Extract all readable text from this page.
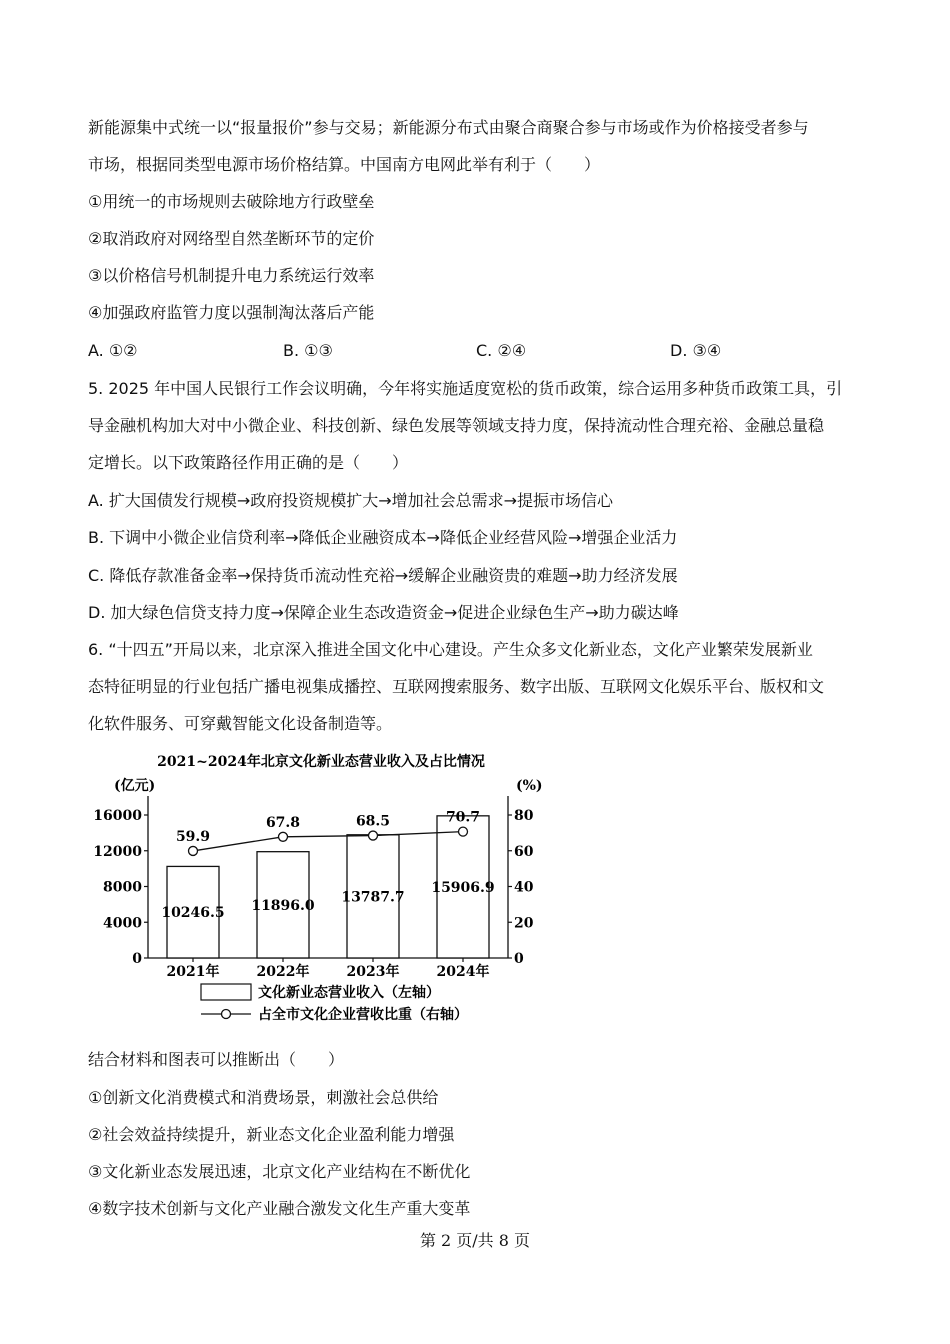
新能源集中式统一以“报量报价”参与交易；新能源分布式由聚合商聚合参与市场或作为价格接受者参与
市场，根据同类型电源市场价格结算。中国南方电网此举有利于（　　）
①用统一的市场规则去破除地方行政壁垒
②取消政府对网络型自然垄断环节的定价
③以价格信号机制提升电力系统运行效率
④加强政府监管力度以强制淘汰落后产能
A. ①②	B. ①③	C. ②④	D. ③④
5. 2025 年中国人民银行工作会议明确，今年将实施适度宽松的货币政策，综合运用多种货币政策工具，引
导金融机构加大对中小微企业、科技创新、绿色发展等领域支持力度，保持流动性合理充裕、金融总量稳
定增长。以下政策路径作用正确的是（　　）
A. 扩大国债发行规模→政府投资规模扩大→增加社会总需求→提振市场信心
B. 下调中小微企业信贷利率→降低企业融资成本→降低企业经营风险→增强企业活力
C. 降低存款准备金率→保持货币流动性充裕→缓解企业融资贵的难题→助力经济发展
D. 加大绿色信贷支持力度→保障企业生态改造资金→促进企业绿色生产→助力碳达峰
6. “十四五”开局以来，北京深入推进全国文化中心建设。产生众多文化新业态，文化产业繁荣发展新业
态特征明显的行业包括广播电视集成播控、互联网搜索服务、数字出版、互联网文化娱乐平台、版权和文
化软件服务、可穿戴智能文化设备制造等。
2021~2024年北京文化新业态营业收入及占比情况
(亿元)	(%)
0
4000
8000
12000
16000
0
20
40
60
80
10246.5
2021年
11896.0
2022年
13787.7
2023年
15906.9
2024年
59.9
67.8	68.5	70.7
文化新业态营业收入（左轴）
占全市文化企业营收比重（右轴）
结合材料和图表可以推断出（　　）
①创新文化消费模式和消费场景，刺激社会总供给
②社会效益持续提升，新业态文化企业盈利能力增强
③文化新业态发展迅速，北京文化产业结构在不断优化
④数字技术创新与文化产业融合激发文化生产重大变革
第 2 页/共 8 页
